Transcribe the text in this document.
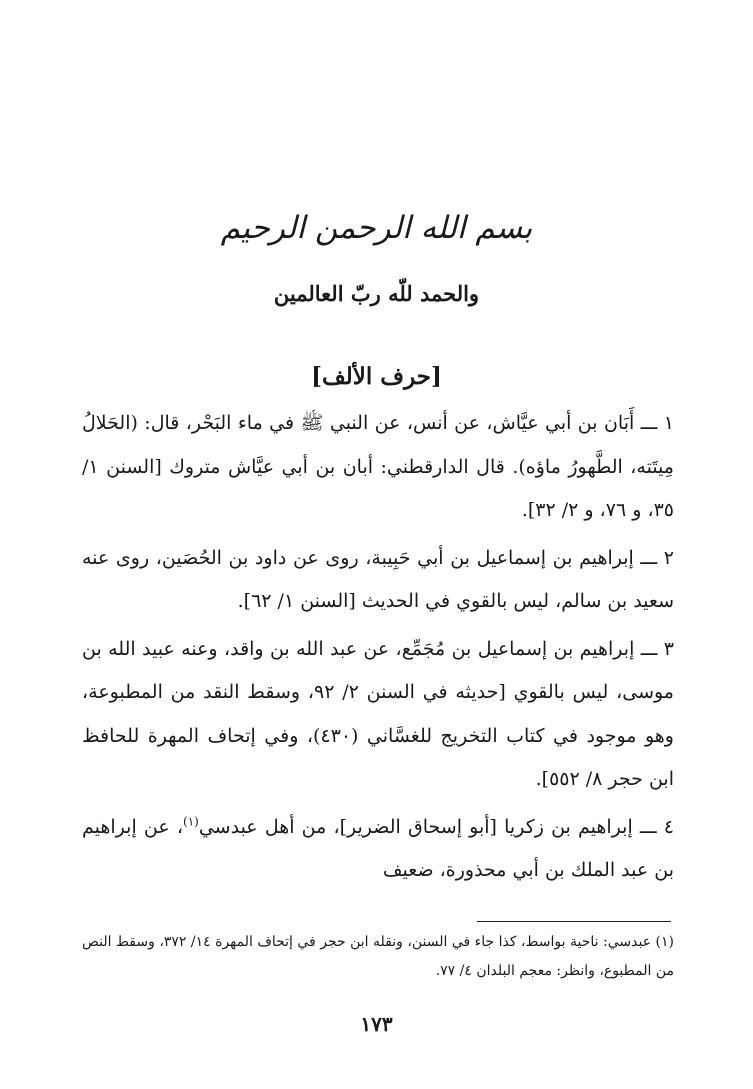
بسم الله الرحمن الرحيم
والحمد للّه ربّ العالمين
[حرف الألف]

١ ـــ أَبَان بن أبي عيَّاش، عن أنس، عن النبي ﷺ في ماء البَحْر، قال: (الحَلالُ مِيتَته، الطَّهورُ ماؤه). قال الدارقطني: أبان بن أبي عيَّاش متروك [السنن ١/ ٣٥، و ٧٦، و ٢/ ٣٢].

٢ ـــ إبراهيم بن إسماعيل بن أبي حَبِيبة، روى عن داود بن الحُصَين، روى عنه سعيد بن سالم، ليس بالقوي في الحديث [السنن ١/ ٦٢].

٣ ـــ إبراهيم بن إسماعيل بن مُجَمِّع، عن عبد الله بن واقد، وعنه عبيد الله بن موسى، ليس بالقوي [حديثه في السنن ٢/ ٩٢، وسقط النقد من المطبوعة، وهو موجود في كتاب التخريج للغسَّاني (٤٣٠)، وفي إتحاف المهرة للحافظ ابن حجر ٨/ ٥٥٢].

٤ ـــ إبراهيم بن زكريا [أبو إسحاق الضرير]، من أهل عبدسي$^{(١)}$، عن إبراهيم بن عبد الملك بن أبي محذورة، ضعيف

(١) عبدسي: ناحية بواسط، كذا جاء في السنن، ونقله ابن حجر في إتحاف المهرة ١٤/ ٣٧٢، وسقط النص من المطبوع، وانظر: معجم البلدان ٤/ ٧٧.
١٧٣
